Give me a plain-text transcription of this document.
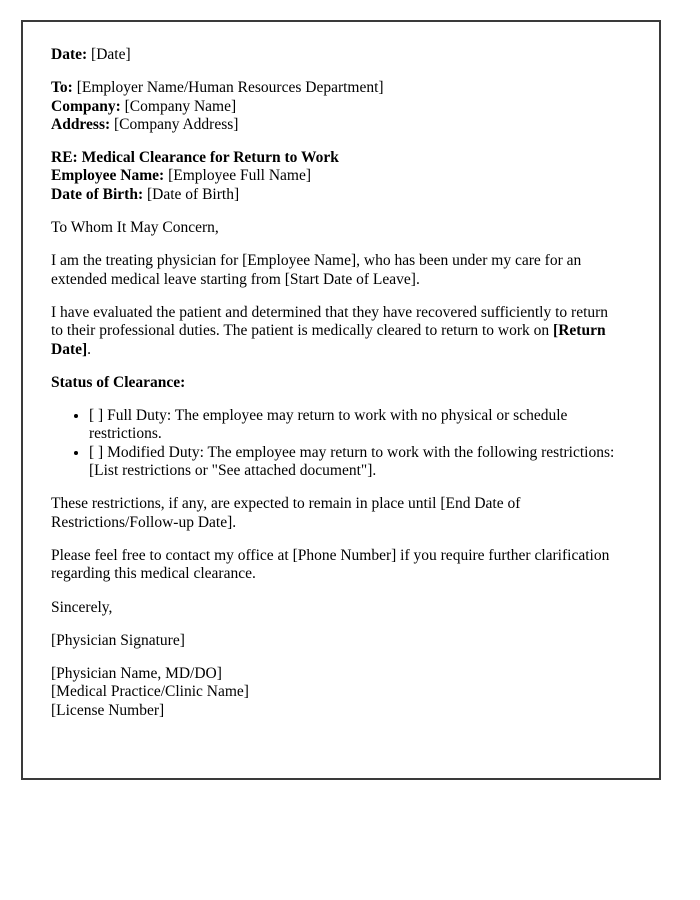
Date: [Date]
To: [Employer Name/Human Resources Department]
Company: [Company Name]
Address: [Company Address]
RE: Medical Clearance for Return to Work
Employee Name: [Employee Full Name]
Date of Birth: [Date of Birth]
To Whom It May Concern,
I am the treating physician for [Employee Name], who has been under my care for an
extended medical leave starting from [Start Date of Leave].
I have evaluated the patient and determined that they have recovered sufficiently to return
to their professional duties. The patient is medically cleared to return to work on [Return
Date].
Status of Clearance:
• [ ] Full Duty: The employee may return to work with no physical or schedule
restrictions.
• [ ] Modified Duty: The employee may return to work with the following restrictions:
[List restrictions or "See attached document"].
These restrictions, if any, are expected to remain in place until [End Date of
Restrictions/Follow-up Date].
Please feel free to contact my office at [Phone Number] if you require further clarification
regarding this medical clearance.
Sincerely,
[Physician Signature]
[Physician Name, MD/DO]
[Medical Practice/Clinic Name]
[License Number]
